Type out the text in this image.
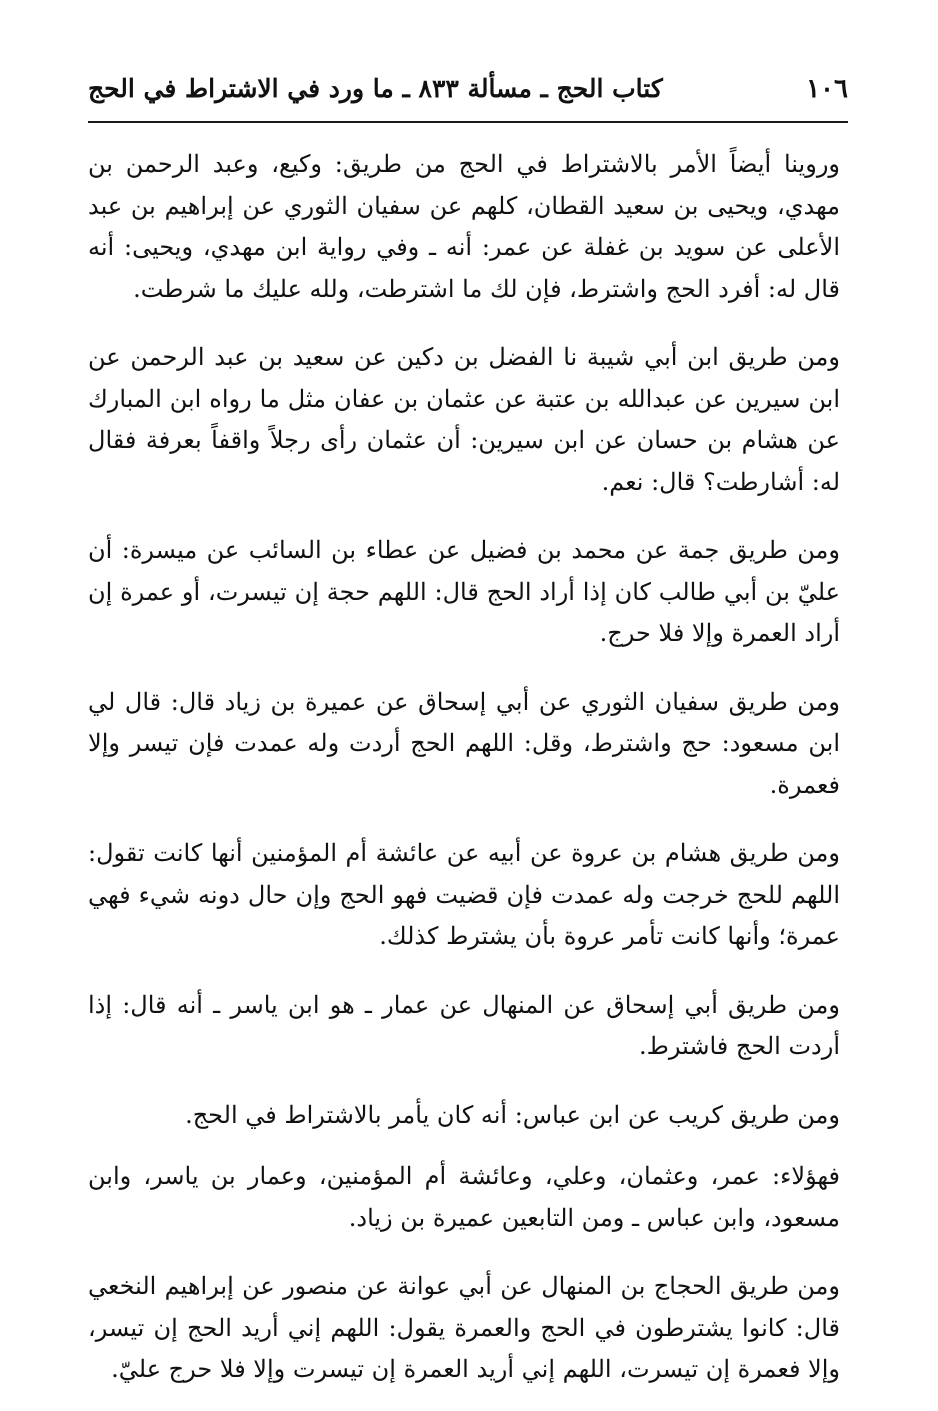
١٠٦
كتاب الحج ـ مسألة ٨٣٣ ـ ما ورد في الاشتراط في الحج

وروينا أيضاً الأمر بالاشتراط في الحج من طريق: وكيع، وعبد الرحمن بن مهدي، ويحيى بن سعيد القطان، كلهم عن سفيان الثوري عن إبراهيم بن عبد الأعلى عن سويد بن غفلة عن عمر: أنه ـ وفي رواية ابن مهدي، ويحيى: أنه قال له: أفرد الحج واشترط، فإن لك ما اشترطت، ولله عليك ما شرطت.

ومن طريق ابن أبي شيبة نا الفضل بن دكين عن سعيد بن عبد الرحمن عن ابن سيرين عن عبدالله بن عتبة عن عثمان بن عفان مثل ما رواه ابن المبارك عن هشام بن حسان عن ابن سيرين: أن عثمان رأى رجلاً واقفاً بعرفة فقال له: أشارطت؟ قال: نعم.

ومن طريق جمة عن محمد بن فضيل عن عطاء بن السائب عن ميسرة: أن عليّ بن أبي طالب كان إذا أراد الحج قال: اللهم حجة إن تيسرت، أو عمرة إن أراد العمرة وإلا فلا حرج.

ومن طريق سفيان الثوري عن أبي إسحاق عن عميرة بن زياد قال: قال لي ابن مسعود: حج واشترط، وقل: اللهم الحج أردت وله عمدت فإن تيسر وإلا فعمرة.

ومن طريق هشام بن عروة عن أبيه عن عائشة أم المؤمنين أنها كانت تقول: اللهم للحج خرجت وله عمدت فإن قضيت فهو الحج وإن حال دونه شيء فهي عمرة؛ وأنها كانت تأمر عروة بأن يشترط كذلك.

ومن طريق أبي إسحاق عن المنهال عن عمار ـ هو ابن ياسر ـ أنه قال: إذا أردت الحج فاشترط.

ومن طريق كريب عن ابن عباس: أنه كان يأمر بالاشتراط في الحج.

فهؤلاء: عمر، وعثمان، وعلي، وعائشة أم المؤمنين، وعمار بن ياسر، وابن مسعود، وابن عباس ـ ومن التابعين عميرة بن زياد.

ومن طريق الحجاج بن المنهال عن أبي عوانة عن منصور عن إبراهيم النخعي قال: كانوا يشترطون في الحج والعمرة يقول: اللهم إني أريد الحج إن تيسر، وإلا فعمرة إن تيسرت، اللهم إني أريد العمرة إن تيسرت وإلا فلا حرج عليّ.
